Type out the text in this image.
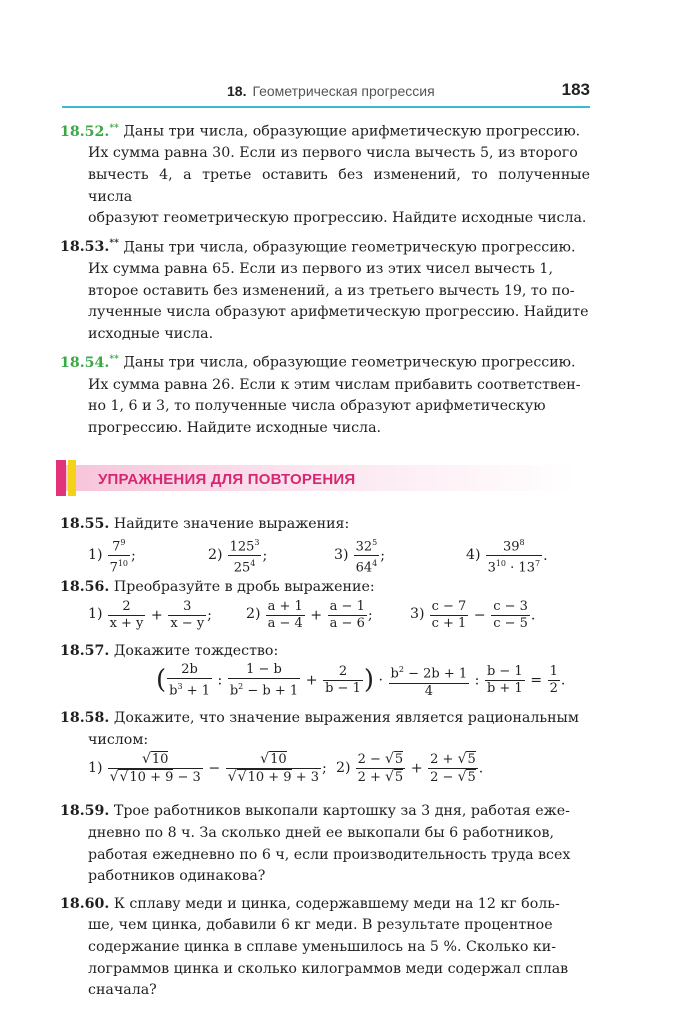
18. Геометрическая прогрессия	183
18.52.** Даны три числа, образующие арифметическую прогрессию.
Их сумма равна 30. Если из первого числа вычесть 5, из второго
вычесть 4, а третье оставить без изменений, то полученные числа
образуют геометрическую прогрессию. Найдите исходные числа.
18.53.** Даны три числа, образующие геометрическую прогрессию.
Их сумма равна 65. Если из первого из этих чисел вычесть 1,
второе оставить без изменений, а из третьего вычесть 19, то по-
лученные числа образуют арифметическую прогрессию. Найдите
исходные числа.
18.54.** Даны три числа, образующие геометрическую прогрессию.
Их сумма равна 26. Если к этим числам прибавить соответствен-
но 1, 6 и 3, то полученные числа образуют арифметическую
прогрессию. Найдите исходные числа.
УПРАЖНЕНИЯ ДЛЯ ПОВТОРЕНИЯ
18.55. Найдите значение выражения:
$1) \frac{7^9}{7^{10}}$ ;	$2) \frac{125^3}{25^4}$ ;	$3) \frac{32^5}{64^4}$ ;	$4) \frac{39^8}{3^{10} \cdot 13^7}$ .
18.56. Преобразуйте в дробь выражение:
$1) \frac{2}{x + y} + \frac{3}{x - y}$ ; $2) \frac{a + 1}{a - 4} + \frac{a - 1}{a - 6}$ ;	$3) \frac{c - 7}{c + 1} - \frac{c - 3}{c - 5}$ .
18.57. Докажите тождество:
( $\frac{2b}{b^3 + 1}$ : $\frac{1 - b}{b^2 - b + 1} + \frac{2}{b - 1}$ ) · $\frac{b^2 - 2b + 1}{4}$ : $\frac{b - 1}{b + 1} = \frac{1}{2}$ .
18.58. Докажите, что значение выражения является рациональным
числом:
$1) \frac{√10}{√√10 + 9 - 3} - \frac{√10}{√√10 + 9 + 3}$ ; $2) \frac{2 - √5}{2 + √5} + \frac{2 + √5}{2 - √5}$ .
18.59. Трое работников выкопали картошку за 3 дня, работая еже-
дневно по 8 ч. За сколько дней ее выкопали бы 6 работников,
работая ежедневно по 6 ч, если производительность труда всех
работников одинакова?
18.60. К сплаву меди и цинка, содержавшему меди на 12 кг боль-
ше, чем цинка, добавили 6 кг меди. В результате процентное
содержание цинка в сплаве уменьшилось на 5 %. Сколько ки-
лограммов цинка и сколько килограммов меди содержал сплав
сначала?
